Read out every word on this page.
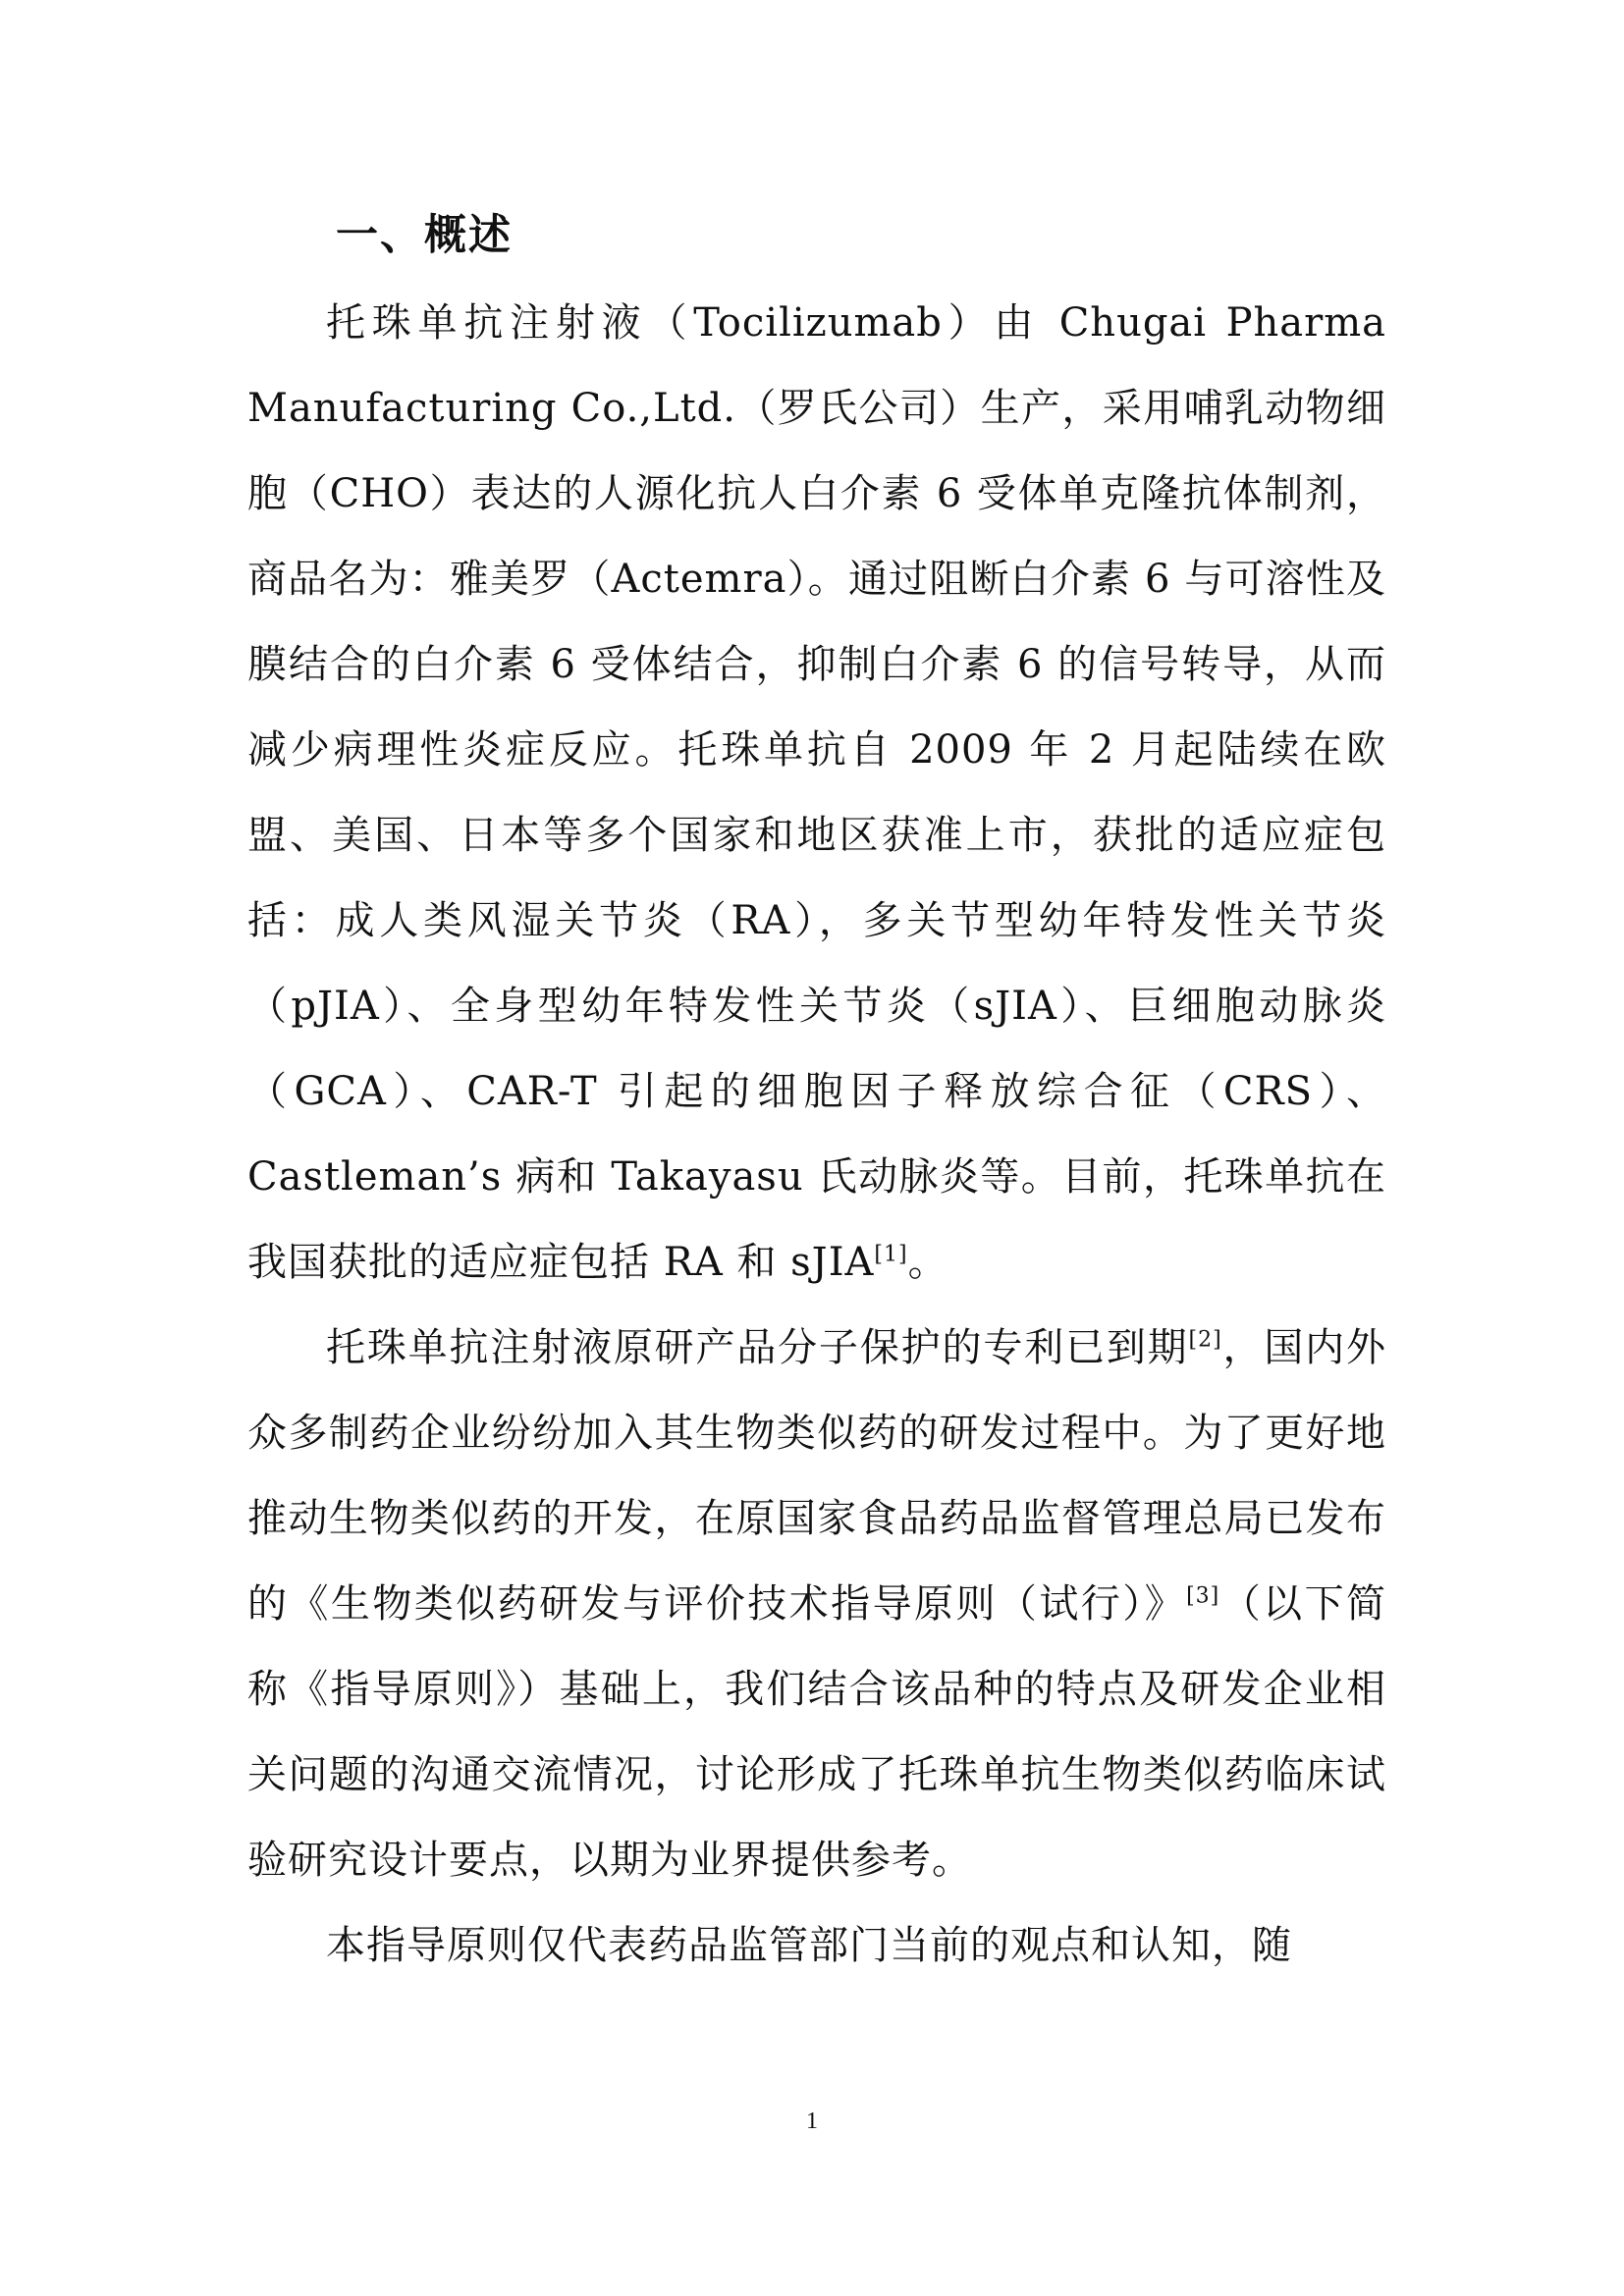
一、概述

托珠单抗注射液（Tocilizumab）由 Chugai Pharma Manufacturing Co.,Ltd.（罗氏公司）生产，采用哺乳动物细胞（CHO）表达的人源化抗人白介素 6 受体单克隆抗体制剂，商品名为：雅美罗（Actemra）。通过阻断白介素 6 与可溶性及膜结合的白介素 6 受体结合，抑制白介素 6 的信号转导，从而减少病理性炎症反应。托珠单抗自 2009 年 2 月起陆续在欧盟、美国、日本等多个国家和地区获准上市，获批的适应症包括：成人类风湿关节炎（RA），多关节型幼年特发性关节炎（pJIA）、全身型幼年特发性关节炎（sJIA）、巨细胞动脉炎（GCA）、CAR-T 引起的细胞因子释放综合征（CRS）、Castleman’s 病和 Takayasu 氏动脉炎等。目前，托珠单抗在我国获批的适应症包括 RA 和 sJIA[1]。

托珠单抗注射液原研产品分子保护的专利已到期[2]，国内外众多制药企业纷纷加入其生物类似药的研发过程中。为了更好地推动生物类似药的开发，在原国家食品药品监督管理总局已发布的《生物类似药研发与评价技术指导原则（试行）》[3]（以下简称《指导原则》）基础上，我们结合该品种的特点及研发企业相关问题的沟通交流情况，讨论形成了托珠单抗生物类似药临床试验研究设计要点，以期为业界提供参考。

本指导原则仅代表药品监管部门当前的观点和认知，随

1
